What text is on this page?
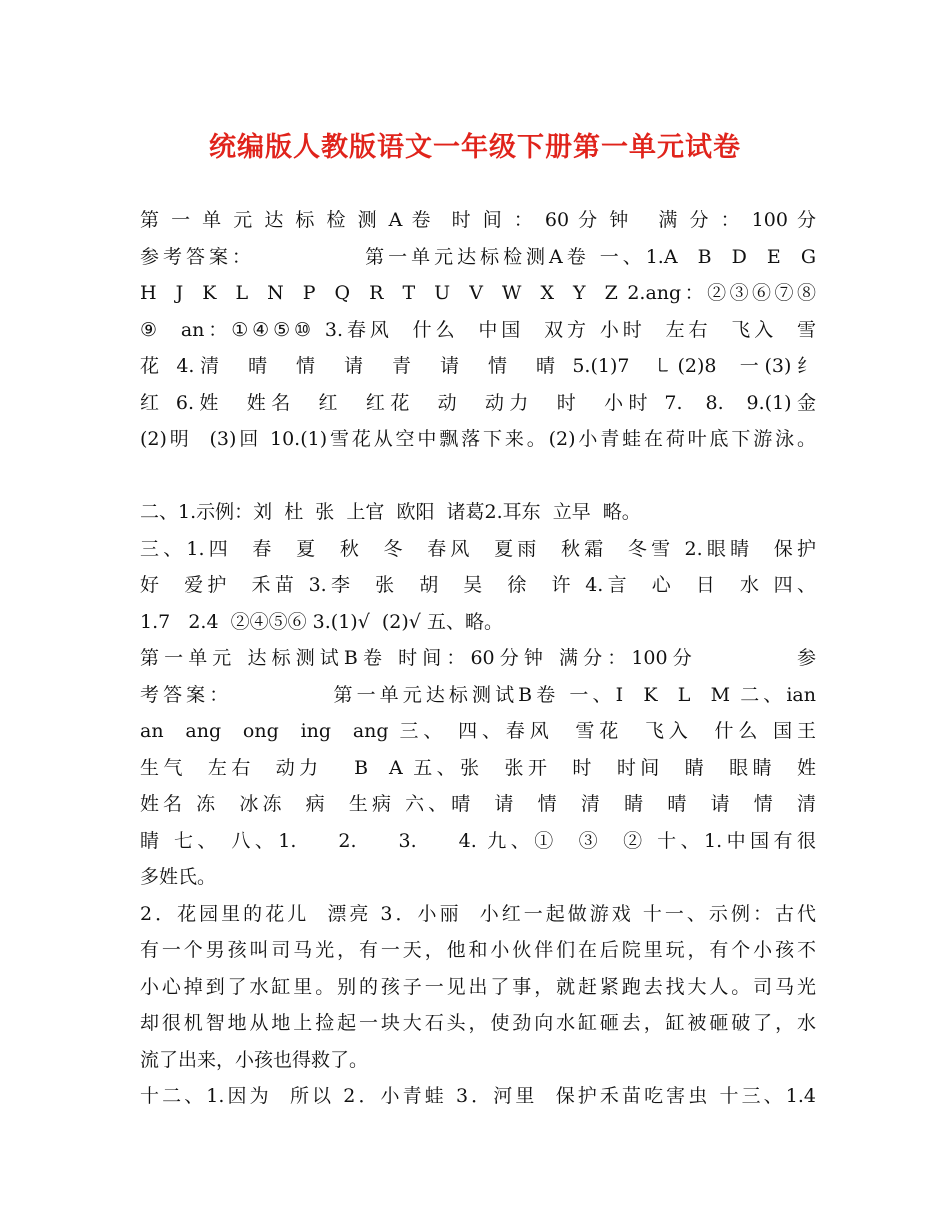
统编版人教版语文一年级下册第一单元试卷
第 一 单 元 达 标 检 测 A 卷  时 间 ： 60 分 钟   满 分 ： 100 分
参考答案：           第一单元达标检测A卷 一、1.A  B  D  E  G
H  J  K  L  N  P  Q  R  T  U  V  W  X  Y  Z 2.ang：②③⑥⑦⑧
⑨  an：①④⑤⑩ 3.春风  什么  中国  双方 小时  左右  飞入  雪
花 4.清  晴  情  请  青  请  情  晴 5.(1)7  ㇄(2)8  一(3)纟
红 6.姓  姓名  红  红花  动  动力  时  小时 7.  8.  9.(1)金
(2)明  (3)回 10.(1)雪花从空中飘落下来。(2)小青蛙在荷叶底下游泳。
二、1.示例：刘  杜  张  上官  欧阳  诸葛2.耳东  立早  略。
三、1.四  春  夏  秋  冬  春风  夏雨  秋霜  冬雪 2.眼睛  保护
好  爱护  禾苗 3.李  张  胡  吴  徐  许 4.言  心  日  水 四、
1.7   2.4  ②④⑤⑥ 3.(1)√  (2)√ 五、略。
第一单元 达标测试B卷 时间：60分钟 满分：100分         参
考答案：          第一单元达标测试B卷 一、I  K  L  M 二、ian
an  ang  ong  ing  ang 三、 四、春风  雪花  飞入  什么 国王
生气  左右  动力   B  A 五、张  张开  时  时间  睛  眼睛  姓
姓名 冻  冰冻  病  生病 六、晴  请  情  清  睛  晴  请  情  清
睛 七、 八、1.    2.    3.    4. 九、①  ③  ② 十、1.中国有很
多姓氏。
2．花园里的花儿  漂亮 3．小丽  小红一起做游戏 十一、示例：古代
有一个男孩叫司马光，有一天，他和小伙伴们在后院里玩，有个小孩不
小心掉到了水缸里。别的孩子一见出了事，就赶紧跑去找大人。司马光
却很机智地从地上捡起一块大石头，使劲向水缸砸去，缸被砸破了，水
流了出来，小孩也得救了。
十二、1.因为  所以 2．小青蛙 3．河里  保护禾苗吃害虫 十三、1.4
